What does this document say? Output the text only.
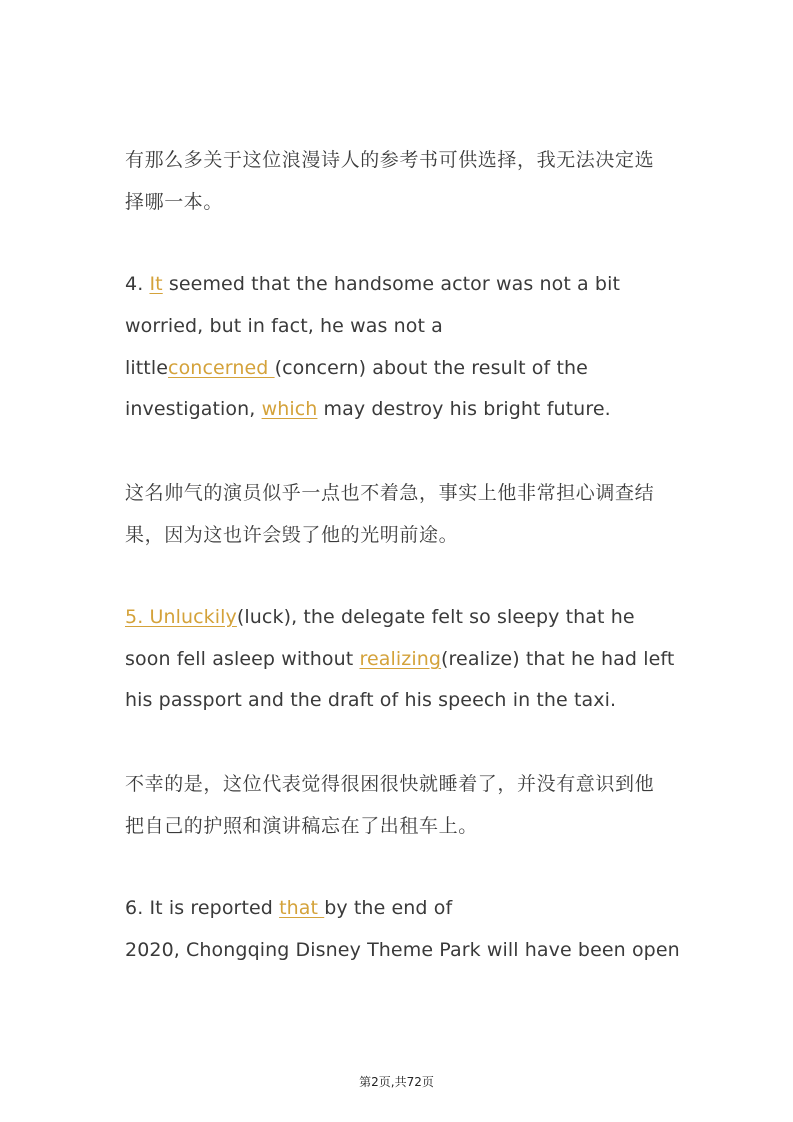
有那么多关于这位浪漫诗人的参考书可供选择，我无法决定选
择哪一本。
4. It seemed that the handsome actor was not a bit
worried, but in fact, he was not a
littleconcerned (concern) about the result of the
investigation, which may destroy his bright future.
这名帅气的演员似乎一点也不着急，事实上他非常担心调查结
果，因为这也许会毁了他的光明前途。
5. Unluckily(luck), the delegate felt so sleepy that he
soon fell asleep without realizing(realize) that he had left
his passport and the draft of his speech in the taxi.
不幸的是，这位代表觉得很困很快就睡着了，并没有意识到他
把自己的护照和演讲稿忘在了出租车上。
6. It is reported that by the end of
2020, Chongqing Disney Theme Park will have been open
第2页,共72页
